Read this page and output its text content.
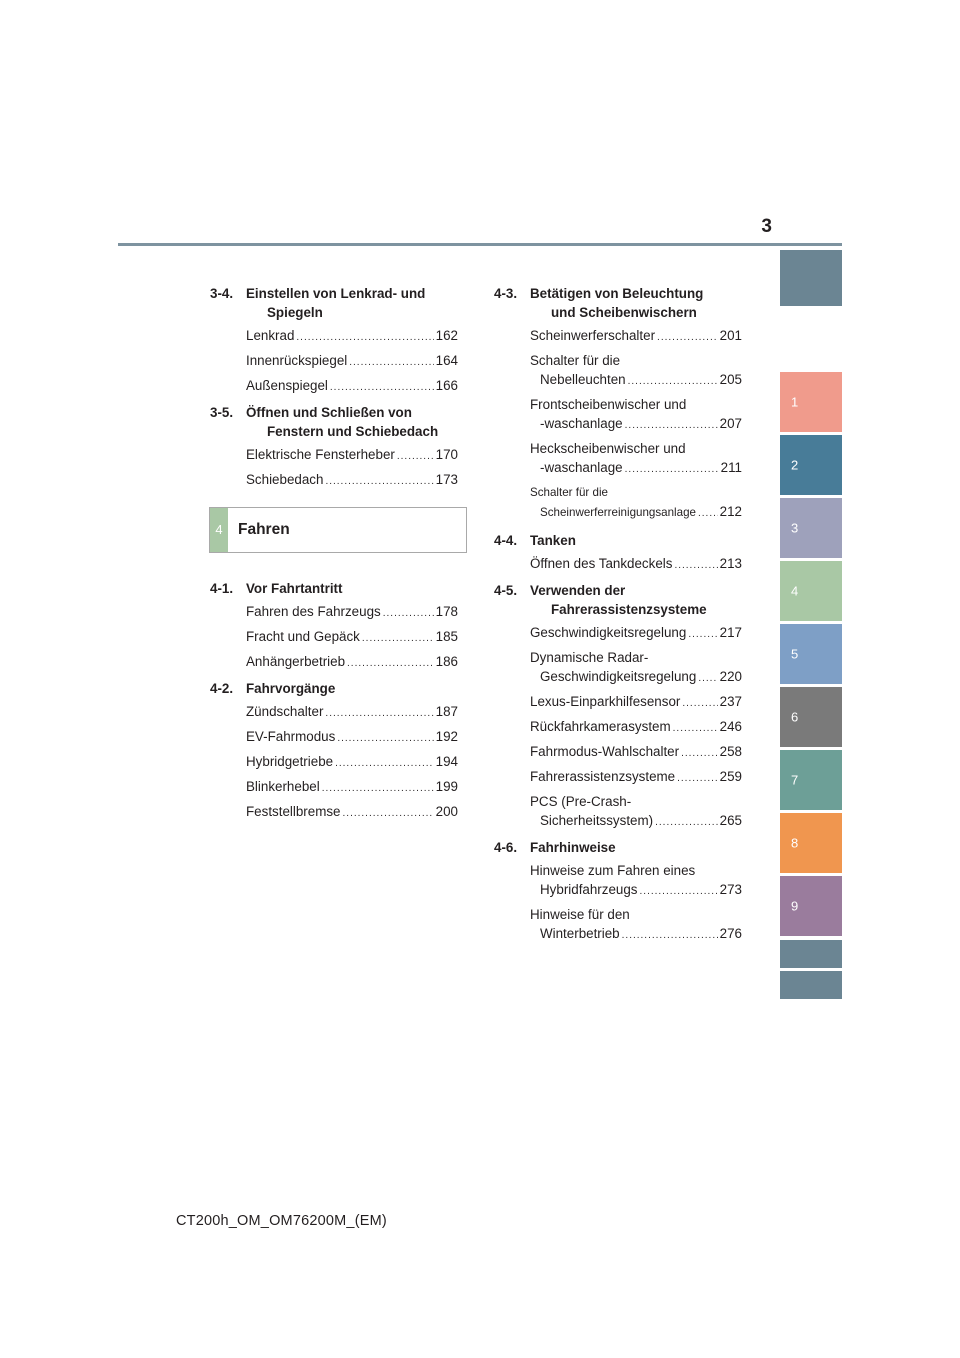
3
1
2
3
4
5
6
7
8
9
3-4. Einstellen von Lenkrad- und
Spiegeln
Lenkrad .....	162
Innenrückspiegel .....	164
Außenspiegel .....	166
3-5. Öffnen und Schließen von
Fenstern und Schiebedach
Elektrische Fensterheber .....	170
Schiebedach .....	173
4 Fahren
4-1. Vor Fahrtantritt
Fahren des Fahrzeugs .....	178
Fracht und Gepäck .....	185
Anhängerbetrieb .....	186
4-2. Fahrvorgänge
Zündschalter .....	187
EV-Fahrmodus .....	192
Hybridgetriebe .....	194
Blinkerhebel .....	199
Feststellbremse .....	200
4-3. Betätigen von Beleuchtung
und Scheibenwischern
Scheinwerferschalter .....	201
Schalter für die
Nebelleuchten .....	205
Frontscheibenwischer und
-waschanlage .....	207
Heckscheibenwischer und
-waschanlage .....	211
Schalter für die
Scheinwerferreinigungsanlage ..... 212
4-4. Tanken
Öffnen des Tankdeckels .....	213
4-5. Verwenden der
Fahrerassistenzsysteme
Geschwindigkeitsregelung ..... 217
Dynamische Radar-
Geschwindigkeitsregelung ..... 220
Lexus-Einparkhilfesensor .....	237
Rückfahrkamerasystem .....	246
Fahrmodus-Wahlschalter .....	258
Fahrerassistenzsysteme .....	259
PCS (Pre-Crash-
Sicherheitssystem) .....	265
4-6. Fahrhinweise
Hinweise zum Fahren eines
Hybridfahrzeugs .....	273
Hinweise für den
Winterbetrieb .....	276
CT200h_OM_OM76200M_(EM)
